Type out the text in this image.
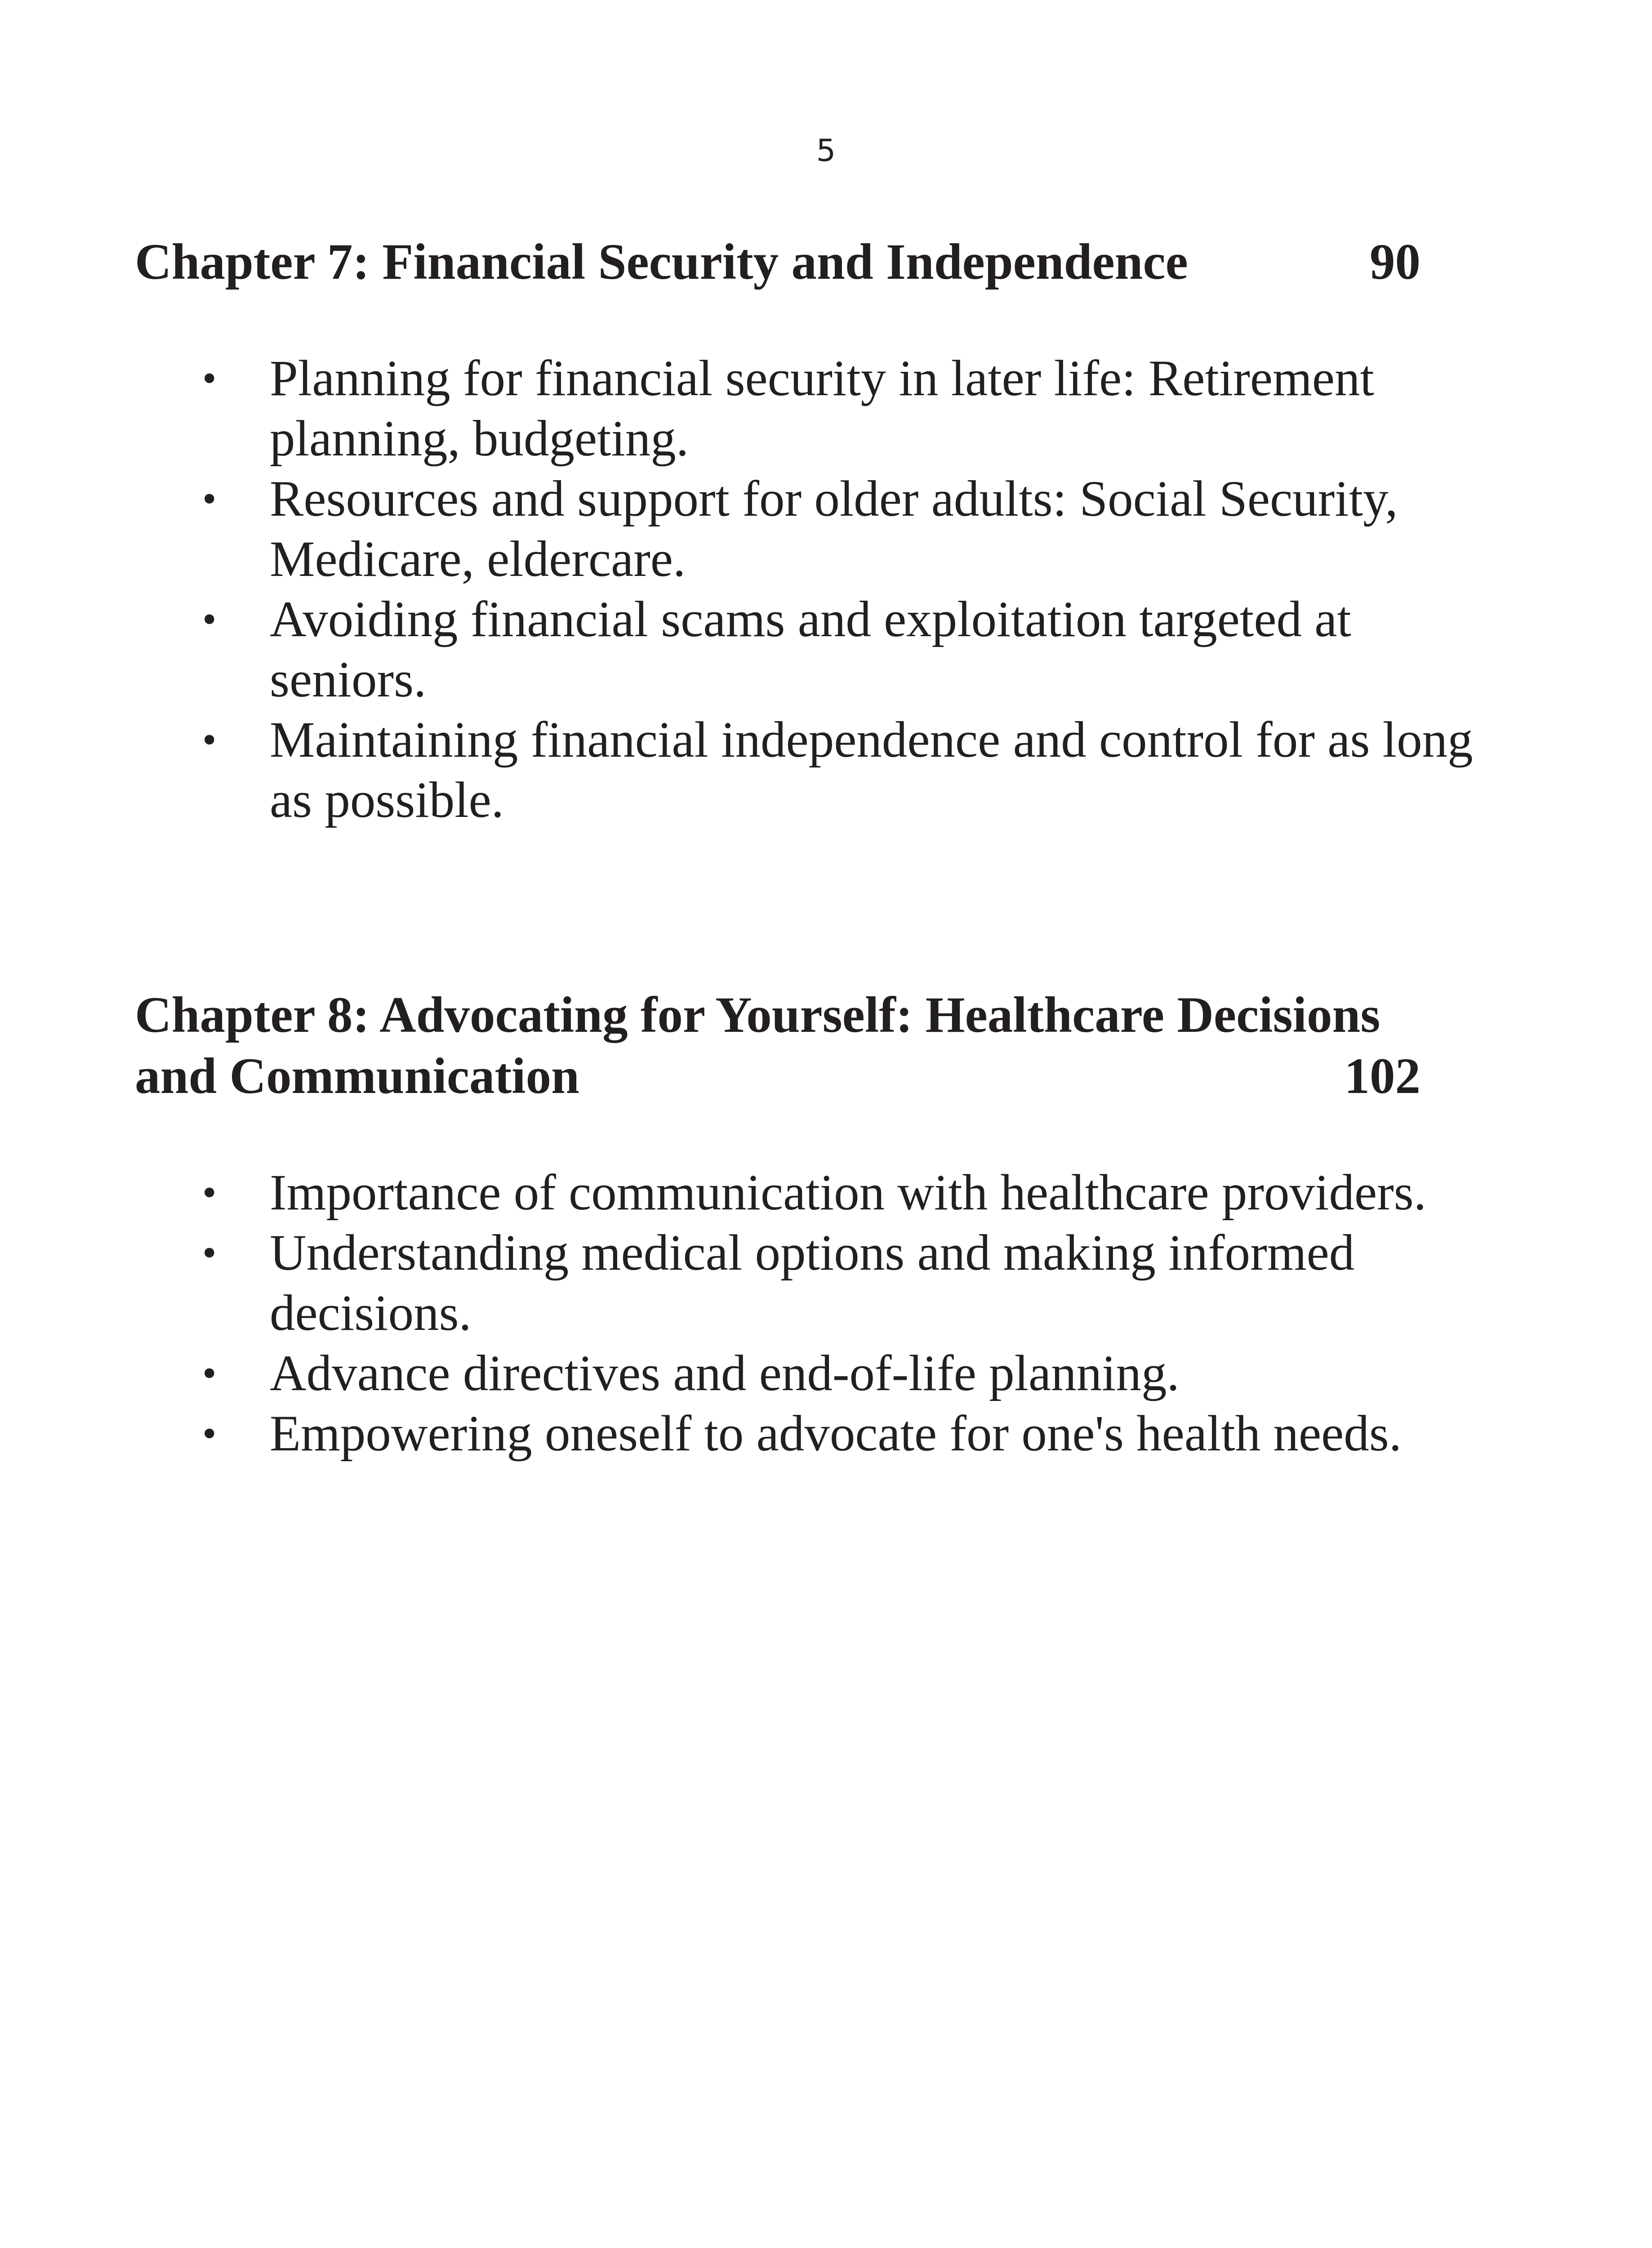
5
Chapter 7: Financial Security and Independence	90
• Planning for financial security in later life: Retirement planning, budgeting.
• Resources and support for older adults: Social Security, Medicare, eldercare.
• Avoiding financial scams and exploitation targeted at seniors.
• Maintaining financial independence and control for as long as possible.
Chapter 8: Advocating for Yourself: Healthcare Decisions and Communication	102
• Importance of communication with healthcare providers.
• Understanding medical options and making informed decisions.
• Advance directives and end-of-life planning.
• Empowering oneself to advocate for one's health needs.
